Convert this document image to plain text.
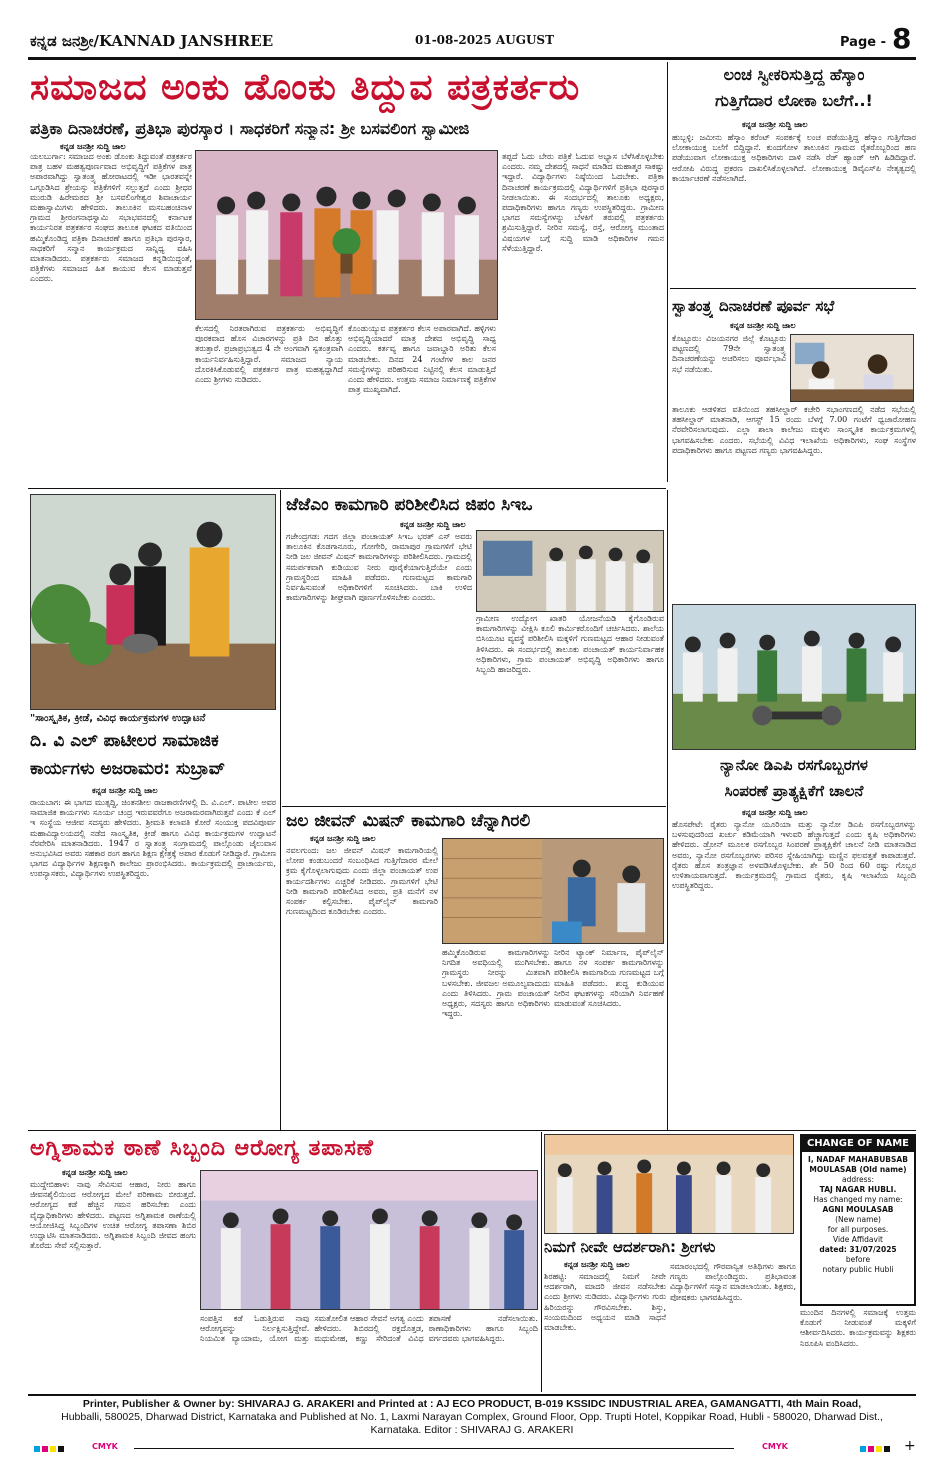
ಕನ್ನಡ ಜನಶ್ರೀ/KANNAD JANSHREE	01-08-2025 AUGUST	Page - 8
ಸಮಾಜದ ಅಂಕು ಡೊಂಕು ತಿದ್ದುವ ಪತ್ರಕರ್ತರು
ಪತ್ರಿಕಾ ದಿನಾಚರಣೆ, ಪ್ರತಿಭಾ ಪುರಸ್ಕಾರ । ಸಾಧಕರಿಗೆ ಸನ್ಮಾನ: ಶ್ರೀ ಬಸವಲಿಂಗ ಸ್ವಾಮೀಜಿ
ಕನ್ನಡ ಜನಶ್ರೀ ಸುದ್ದಿ ಜಾಲ
ಯಲಬುರ್ಗಾ: ಸಮಾಜದ ಅಂಕು ಡೊಂಕು ತಿದ್ದುವಂತೆ ಪತ್ರಕರ್ತರ ಪಾತ್ರ ಬಹಳ ಮಹತ್ವಪೂರ್ಣವಾದ ಅಭಿವೃದ್ಧಿಗೆ ಪತ್ರಿಕೆಗಳ ಪಾತ್ರ ಅಪಾರವಾಗಿದ್ದು ಸ್ವಾತಂತ್ರ್ಯ ಹೋರಾಟದಲ್ಲಿ ಇಡೀ ಭಾರತವನ್ನೇ ಒಗ್ಗೂಡಿಸಿದ ಶ್ರೇಯಸ್ಸು ಪತ್ರಿಕೆಗಳಿಗೆ ಸಲ್ಲುತ್ತದೆ ಎಂದು ಶ್ರೀಧರ ಮುರುಡಿ ಹಿರೇಮಠದ ಶ್ರೀ ಬಸವಲಿಂಗೇಶ್ವರ ಶಿವಾಚಾರ್ಯ ಮಹಾಸ್ವಾಮಿಗಳು ಹೇಳಿದರು. ತಾಲೂಕಿನ ಮಸಬಹಂಚಿನಾಳ ಗ್ರಾಮದ ಶ್ರೀರಂಗನಾಥಸ್ವಾಮಿ ಸಭಾಭವನದಲ್ಲಿ ಕರ್ನಾಟಕ ಕಾರ್ಯನಿರತ ಪತ್ರಕರ್ತರ ಸಂಘದ ತಾಲೂಕ ಘಟಕದ ವತಿಯಿಂದ ಹಮ್ಮಿಕೊಂಡಿದ್ದ ಪತ್ರಿಕಾ ದಿನಾಚರಣೆ ಹಾಗೂ ಪ್ರತಿಭಾ ಪುರಸ್ಕಾರ, ಸಾಧಕರಿಗೆ ಸನ್ಮಾನ ಕಾರ್ಯಕ್ರಮದ ಸಾನ್ನಿಧ್ಯ ವಹಿಸಿ ಮಾತನಾಡಿದರು. ಪತ್ರಕರ್ತರು ಸಮಾಜದ ಕನ್ನಡಿಯಿದ್ದಂತೆ, ಪತ್ರಿಕೆಗಳು ಸಮಾಜದ ಹಿತ ಕಾಯುವ ಕೆಲಸ ಮಾಡುತ್ತವೆ ಎಂದರು.
ಕೆಲಸದಲ್ಲಿ ನಿರತರಾಗಿರುವ ಪತ್ರಕರ್ತರು ಅಭಿವೃದ್ಧಿಗೆ ಪೂರಕವಾದ ಹೊಸ ವಿಚಾರಗಳನ್ನು ಪ್ರತಿ ದಿನ ಹೊತ್ತು ತರುತ್ತಾರೆ. ಪ್ರಜಾಪ್ರಭುತ್ವದ 4 ನೇ ಅಂಗವಾಗಿ ಸ್ವತಂತ್ರವಾಗಿ ಕಾರ್ಯನಿರ್ವಹಿಸುತ್ತಿದ್ದಾರೆ. ಸಮಾಜದ ನ್ಯಾಯ ದೊರಕಿಸಿಕೊಡುವಲ್ಲಿ ಪತ್ರಕರ್ತರ ಪಾತ್ರ ಮಹತ್ವದ್ದಾಗಿದೆ ಎಂದು ಶ್ರೀಗಳು ನುಡಿದರು.
ಕೊಂಡುಯ್ಯುವ ಪತ್ರಕರ್ತರ ಕೆಲಸ ಅಪಾರವಾಗಿದೆ. ಹಳ್ಳಿಗಳು ಅಭಿವೃದ್ಧಿಯಾದರೆ ಮಾತ್ರ ದೇಶದ ಅಭಿವೃದ್ಧಿ ಸಾಧ್ಯ ಎಂದರು. ಕರ್ತವ್ಯ ಹಾಗೂ ಜವಾಬ್ದಾರಿ ಅರಿತು ಕೆಲಸ ಮಾಡಬೇಕು. ದಿನದ 24 ಗಂಟೆಗಳ ಕಾಲ ಜನರ ಸಮಸ್ಯೆಗಳನ್ನು ಪರಿಹರಿಸುವ ನಿಟ್ಟಿನಲ್ಲಿ ಕೆಲಸ ಮಾಡುತ್ತಿದೆ ಎಂದು ಹೇಳಿದರು. ಉತ್ತಮ ಸಮಾಜ ನಿರ್ಮಾಣಕ್ಕೆ ಪತ್ರಿಕೆಗಳ ಪಾತ್ರ ಮುಖ್ಯವಾಗಿದೆ.
ತಪ್ಪದೆ ಓದು ಬೇರು ಪತ್ರಿಕೆ ಓದುವ ಅಭ್ಯಾಸ ಬೆಳೆಸಿಕೊಳ್ಳಬೇಕು ಎಂದರು. ನಮ್ಮ ದೇಶದಲ್ಲಿ ಸಾಧನೆ ಮಾಡಿದ ಮಹಾತ್ಮರ ಸಾಕಷ್ಟು ಇದ್ದಾರೆ. ವಿದ್ಯಾರ್ಥಿಗಳು ನಿಷ್ಠೆಯಿಂದ ಓದಬೇಕು. ಪತ್ರಿಕಾ ದಿನಾಚರಣೆ ಕಾರ್ಯಕ್ರಮದಲ್ಲಿ ವಿದ್ಯಾರ್ಥಿಗಳಿಗೆ ಪ್ರತಿಭಾ ಪುರಸ್ಕಾರ ನೀಡಲಾಯಿತು. ಈ ಸಂದರ್ಭದಲ್ಲಿ ತಾಲೂಕು ಅಧ್ಯಕ್ಷರು, ಪದಾಧಿಕಾರಿಗಳು ಹಾಗೂ ಗಣ್ಯರು ಉಪಸ್ಥಿತರಿದ್ದರು. ಗ್ರಾಮೀಣ ಭಾಗದ ಸಮಸ್ಯೆಗಳನ್ನು ಬೆಳಕಿಗೆ ತರುವಲ್ಲಿ ಪತ್ರಕರ್ತರು ಶ್ರಮಿಸುತ್ತಿದ್ದಾರೆ. ನೀರಿನ ಸಮಸ್ಯೆ, ರಸ್ತೆ, ಆರೋಗ್ಯ ಮುಂತಾದ ವಿಷಯಗಳ ಬಗ್ಗೆ ಸುದ್ದಿ ಮಾಡಿ ಅಧಿಕಾರಿಗಳ ಗಮನ ಸೆಳೆಯುತ್ತಿದ್ದಾರೆ.
ಲಂಚ ಸ್ವೀಕರಿಸುತ್ತಿದ್ದ ಹೆಸ್ಕಾಂ
ಗುತ್ತಿಗೆದಾರ ಲೋಕಾ ಬಲೆಗೆ..!
ಕನ್ನಡ ಜನಶ್ರೀ ಸುದ್ದಿ ಜಾಲ
ಹುಬ್ಬಳ್ಳಿ: ಜಮೀನು ಹೆಸ್ಕಾಂ ಕರೆಂಟ್ ಸಂಪರ್ಕಕ್ಕೆ ಲಂಚ ಪಡೆಯುತ್ತಿದ್ದ ಹೆಸ್ಕಾಂ ಗುತ್ತಿಗೆದಾರ ಲೋಕಾಯುಕ್ತ ಬಲೆಗೆ ಬಿದ್ದಿದ್ದಾನೆ. ಕುಂದಗೋಳ ತಾಲೂಕಿನ ಗ್ರಾಮದ ರೈತರೊಬ್ಬರಿಂದ ಹಣ ಪಡೆಯುವಾಗ ಲೋಕಾಯುಕ್ತ ಅಧಿಕಾರಿಗಳು ದಾಳಿ ನಡೆಸಿ ರೆಡ್ ಹ್ಯಾಂಡ್ ಆಗಿ ಹಿಡಿದಿದ್ದಾರೆ. ಆರೋಪಿ ವಿರುದ್ಧ ಪ್ರಕರಣ ದಾಖಲಿಸಿಕೊಳ್ಳಲಾಗಿದೆ. ಲೋಕಾಯುಕ್ತ ಡಿವೈಎಸ್‌ಪಿ ನೇತೃತ್ವದಲ್ಲಿ ಕಾರ್ಯಾಚರಣೆ ನಡೆಸಲಾಗಿದೆ.
ಸ್ವಾತಂತ್ರ್ಯ ದಿನಾಚರಣೆ ಪೂರ್ವ ಸಭೆ
ಕನ್ನಡ ಜನಶ್ರೀ ಸುದ್ದಿ ಜಾಲ
ಕೊಟ್ಟೂರು: ವಿಜಯನಗರ ಜಿಲ್ಲೆ ಕೊಟ್ಟೂರು ಪಟ್ಟಣದಲ್ಲಿ 79ನೇ ಸ್ವಾತಂತ್ರ್ಯ ದಿನಾಚರಣೆಯನ್ನು ಅಚರಿಸಲು ಪೂರ್ವಭಾವಿ ಸಭೆ ನಡೆಯಿತು.
ತಾಲೂಕು ಆಡಳಿತದ ವತಿಯಿಂದ ತಹಸೀಲ್ದಾರ್ ಕಚೇರಿ ಸಭಾಂಗಣದಲ್ಲಿ ನಡೆದ ಸಭೆಯಲ್ಲಿ ತಹಸೀಲ್ದಾರ್ ಮಾತನಾಡಿ, ಆಗಸ್ಟ್ 15 ರಂದು ಬೆಳಗ್ಗೆ 7.00 ಗಂಟೆಗೆ ಧ್ವಜಾರೋಹಣ ನೆರವೇರಿಸಲಾಗುವುದು. ಎಲ್ಲಾ ಶಾಲಾ ಕಾಲೇಜು ಮಕ್ಕಳು ಸಾಂಸ್ಕೃತಿಕ ಕಾರ್ಯಕ್ರಮಗಳಲ್ಲಿ ಭಾಗವಹಿಸಬೇಕು ಎಂದರು. ಸಭೆಯಲ್ಲಿ ವಿವಿಧ ಇಲಾಖೆಯ ಅಧಿಕಾರಿಗಳು, ಸಂಘ ಸಂಸ್ಥೆಗಳ ಪದಾಧಿಕಾರಿಗಳು ಹಾಗೂ ಪಟ್ಟಣದ ಗಣ್ಯರು ಭಾಗವಹಿಸಿದ್ದರು.
"ಸಾಂಸ್ಕೃತಿಕ, ಕ್ರೀಡೆ, ವಿವಿಧ ಕಾರ್ಯಕ್ರಮಗಳ ಉದ್ಘಾಟನೆ
ದಿ. ವಿ ಎಲ್ ಪಾಟೀಲರ ಸಾಮಾಜಿಕ
ಕಾರ್ಯಗಳು ಅಜರಾಮರ: ಸುಬ್ರಾವ್
ಕನ್ನಡ ಜನಶ್ರೀ ಸುದ್ದಿ ಜಾಲ
ರಾಯಬಾಗ: ಈ ಭಾಗದ ಮುತ್ಸದ್ದಿ, ಚಿಂತನಶೀಲ ರಾಜಕಾರಣಿಗಳಲ್ಲಿ ದಿ. ವಿ.ಎಲ್. ಪಾಟೀಲ ಅವರ ಸಾಮಾಜಿಕ ಕಾರ್ಯಗಳು ಸೂರ್ಯ ಚಂದ್ರ ಇರುವವರೆಗೂ ಅಜರಾಮರವಾಗಿರುತ್ತವೆ ಎಂದು ಕೆ ಎಲ್ ಇ ಸಂಸ್ಥೆಯ ಆಜೀವ ಸದಸ್ಯರು ಹೇಳಿದರು. ಶ್ರೀಮತಿ ಕಲಾವತಿ ಕೋರೆ ಸಂಯುಕ್ತ ಪದವಿಪೂರ್ವ ಮಹಾವಿದ್ಯಾಲಯದಲ್ಲಿ ನಡೆದ ಸಾಂಸ್ಕೃತಿಕ, ಕ್ರೀಡೆ ಹಾಗೂ ವಿವಿಧ ಕಾರ್ಯಕ್ರಮಗಳ ಉದ್ಘಾಟನೆ ನೆರವೇರಿಸಿ ಮಾತನಾಡಿದರು. 1947 ರ ಸ್ವಾತಂತ್ರ್ಯ ಸಂಗ್ರಾಮದಲ್ಲಿ ಪಾಲ್ಗೊಂಡು ಜೈಲುವಾಸ ಅನುಭವಿಸಿದ ಅವರು ಸಹಕಾರ ರಂಗ ಹಾಗೂ ಶಿಕ್ಷಣ ಕ್ಷೇತ್ರಕ್ಕೆ ಅಪಾರ ಕೊಡುಗೆ ನೀಡಿದ್ದಾರೆ. ಗ್ರಾಮೀಣ ಭಾಗದ ವಿದ್ಯಾರ್ಥಿಗಳ ಶಿಕ್ಷಣಕ್ಕಾಗಿ ಕಾಲೇಜು ಪ್ರಾರಂಭಿಸಿದರು. ಕಾರ್ಯಕ್ರಮದಲ್ಲಿ ಪ್ರಾಚಾರ್ಯರು, ಉಪನ್ಯಾಸಕರು, ವಿದ್ಯಾರ್ಥಿಗಳು ಉಪಸ್ಥಿತರಿದ್ದರು.
ಜೆಜೆಎಂ ಕಾಮಗಾರಿ ಪರಿಶೀಲಿಸಿದ ಜಿಪಂ ಸಿಇಒ
ಕನ್ನಡ ಜನಶ್ರೀ ಸುದ್ದಿ ಜಾಲ
ಗಜೇಂದ್ರಗಡ: ಗದಗ ಜಿಲ್ಲಾ ಪಂಚಾಯತ್ ಸಿಇಒ ಭರತ್ ಎಸ್ ಅವರು ತಾಲೂಕಿನ ಕೊಡಗಾನೂರು, ಗೋಗೇರಿ, ರಾಮಾಪುರ ಗ್ರಾಮಗಳಿಗೆ ಭೇಟಿ ನೀಡಿ ಜಲ ಜೀವನ್ ಮಿಷನ್ ಕಾಮಗಾರಿಗಳನ್ನು ಪರಿಶೀಲಿಸಿದರು. ಗ್ರಾಮದಲ್ಲಿ ಸಮರ್ಪಕವಾಗಿ ಕುಡಿಯುವ ನೀರು ಪೂರೈಕೆಯಾಗುತ್ತಿದೆಯೇ ಎಂದು ಗ್ರಾಮಸ್ಥರಿಂದ ಮಾಹಿತಿ ಪಡೆದರು. ಗುಣಮಟ್ಟದ ಕಾಮಗಾರಿ ನಿರ್ವಹಿಸುವಂತೆ ಅಧಿಕಾರಿಗಳಿಗೆ ಸೂಚಿಸಿದರು. ಬಾಕಿ ಉಳಿದ ಕಾಮಗಾರಿಗಳನ್ನು ಶೀಘ್ರವಾಗಿ ಪೂರ್ಣಗೊಳಿಸಬೇಕು ಎಂದರು.
ಗ್ರಾಮೀಣ ಉದ್ಯೋಗ ಖಾತರಿ ಯೋಜನೆಯಡಿ ಕೈಗೊಂಡಿರುವ ಕಾಮಗಾರಿಗಳನ್ನು ವೀಕ್ಷಿಸಿ ಕೂಲಿ ಕಾರ್ಮಿಕರೊಂದಿಗೆ ಚರ್ಚಿಸಿದರು. ಶಾಲೆಯ ಬಿಸಿಯೂಟ ವ್ಯವಸ್ಥೆ ಪರಿಶೀಲಿಸಿ ಮಕ್ಕಳಿಗೆ ಗುಣಮಟ್ಟದ ಆಹಾರ ನೀಡುವಂತೆ ತಿಳಿಸಿದರು. ಈ ಸಂದರ್ಭದಲ್ಲಿ ತಾಲೂಕು ಪಂಚಾಯತ್ ಕಾರ್ಯನಿರ್ವಾಹಕ ಅಧಿಕಾರಿಗಳು, ಗ್ರಾಮ ಪಂಚಾಯತ್ ಅಭಿವೃದ್ಧಿ ಅಧಿಕಾರಿಗಳು ಹಾಗೂ ಸಿಬ್ಬಂದಿ ಹಾಜರಿದ್ದರು.
ಜಲ ಜೀವನ್ ಮಿಷನ್ ಕಾಮಗಾರಿ ಚೆನ್ನಾಗಿರಲಿ
ಕನ್ನಡ ಜನಶ್ರೀ ಸುದ್ದಿ ಜಾಲ
ನವಲಗುಂದ: ಜಲ ಜೀವನ್ ಮಿಷನ್ ಕಾಮಗಾರಿಯಲ್ಲಿ ಲೋಪ ಕಂಡುಬಂದರೆ ಸಂಬಂಧಿಸಿದ ಗುತ್ತಿಗೆದಾರರ ಮೇಲೆ ಕ್ರಮ ಕೈಗೊಳ್ಳಲಾಗುವುದು ಎಂದು ಜಿಲ್ಲಾ ಪಂಚಾಯತ್ ಉಪ ಕಾರ್ಯದರ್ಶಿಗಳು ಎಚ್ಚರಿಕೆ ನೀಡಿದರು. ಗ್ರಾಮಗಳಿಗೆ ಭೇಟಿ ನೀಡಿ ಕಾಮಗಾರಿ ಪರಿಶೀಲಿಸಿದ ಅವರು, ಪ್ರತಿ ಮನೆಗೆ ನಳ ಸಂಪರ್ಕ ಕಲ್ಪಿಸಬೇಕು. ಪೈಪ್‌ಲೈನ್ ಕಾಮಗಾರಿ ಗುಣಮಟ್ಟದಿಂದ ಕೂಡಿರಬೇಕು ಎಂದರು.
ಹಮ್ಮಿಕೊಂಡಿರುವ ಕಾಮಗಾರಿಗಳನ್ನು ನಿಗದಿತ ಅವಧಿಯಲ್ಲಿ ಮುಗಿಸಬೇಕು. ಗ್ರಾಮಸ್ಥರು ನೀರನ್ನು ಮಿತವಾಗಿ ಬಳಸಬೇಕು. ಜೀವಜಲ ಅಮೂಲ್ಯವಾದುದು ಎಂದು ತಿಳಿಸಿದರು. ಗ್ರಾಮ ಪಂಚಾಯತ್ ಅಧ್ಯಕ್ಷರು, ಸದಸ್ಯರು ಹಾಗೂ ಅಧಿಕಾರಿಗಳು ಇದ್ದರು.
ನೀರಿನ ಟ್ಯಾಂಕ್ ನಿರ್ಮಾಣ, ಪೈಪ್‌ಲೈನ್ ಹಾಗೂ ನಳ ಸಂಪರ್ಕ ಕಾಮಗಾರಿಗಳನ್ನು ಪರಿಶೀಲಿಸಿ ಕಾಮಗಾರಿಯ ಗುಣಮಟ್ಟದ ಬಗ್ಗೆ ಮಾಹಿತಿ ಪಡೆದರು. ಶುದ್ಧ ಕುಡಿಯುವ ನೀರಿನ ಘಟಕಗಳನ್ನು ಸರಿಯಾಗಿ ನಿರ್ವಹಣೆ ಮಾಡುವಂತೆ ಸೂಚಿಸಿದರು.
ನ್ಯಾನೋ ಡಿಎಪಿ ರಸಗೊಬ್ಬರಗಳ
ಸಿಂಪರಣೆ ಪ್ರಾತ್ಯಕ್ಷಿಕೆಗೆ ಚಾಲನೆ
ಕನ್ನಡ ಜನಶ್ರೀ ಸುದ್ದಿ ಜಾಲ
ಹೊಸಪೇಟೆ: ರೈತರು ನ್ಯಾನೋ ಯೂರಿಯಾ ಮತ್ತು ನ್ಯಾನೋ ಡಿಎಪಿ ರಸಗೊಬ್ಬರಗಳನ್ನು ಬಳಸುವುದರಿಂದ ಖರ್ಚು ಕಡಿಮೆಯಾಗಿ ಇಳುವರಿ ಹೆಚ್ಚಾಗುತ್ತದೆ ಎಂದು ಕೃಷಿ ಅಧಿಕಾರಿಗಳು ಹೇಳಿದರು. ಡ್ರೋನ್ ಮೂಲಕ ರಸಗೊಬ್ಬರ ಸಿಂಪರಣೆ ಪ್ರಾತ್ಯಕ್ಷಿಕೆಗೆ ಚಾಲನೆ ನೀಡಿ ಮಾತನಾಡಿದ ಅವರು, ನ್ಯಾನೋ ರಸಗೊಬ್ಬರಗಳು ಪರಿಸರ ಸ್ನೇಹಿಯಾಗಿದ್ದು ಮಣ್ಣಿನ ಫಲವತ್ತತೆ ಕಾಪಾಡುತ್ತವೆ. ರೈತರು ಹೊಸ ತಂತ್ರಜ್ಞಾನ ಅಳವಡಿಸಿಕೊಳ್ಳಬೇಕು. ಶೇ 50 ರಿಂದ 60 ರಷ್ಟು ಗೊಬ್ಬರ ಉಳಿತಾಯವಾಗುತ್ತದೆ. ಕಾರ್ಯಕ್ರಮದಲ್ಲಿ ಗ್ರಾಮದ ರೈತರು, ಕೃಷಿ ಇಲಾಖೆಯ ಸಿಬ್ಬಂದಿ ಉಪಸ್ಥಿತರಿದ್ದರು.
ಅಗ್ನಿಶಾಮಕ ಠಾಣೆ ಸಿಬ್ಬಂದಿ ಆರೋಗ್ಯ ತಪಾಸಣೆ
ಕನ್ನಡ ಜನಶ್ರೀ ಸುದ್ದಿ ಜಾಲ
ಮುದ್ದೇಬಿಹಾಳ: ನಾವು ಸೇವಿಸುವ ಆಹಾರ, ನೀರು ಹಾಗೂ ಜೀವನಶೈಲಿಯಿಂದ ಆರೋಗ್ಯದ ಮೇಲೆ ಪರಿಣಾಮ ಬೀರುತ್ತದೆ. ಆರೋಗ್ಯದ ಕಡೆ ಹೆಚ್ಚಿನ ಗಮನ ಹರಿಸಬೇಕು ಎಂದು ವೈದ್ಯಾಧಿಕಾರಿಗಳು ಹೇಳಿದರು. ಪಟ್ಟಣದ ಅಗ್ನಿಶಾಮಕ ಠಾಣೆಯಲ್ಲಿ ಆಯೋಜಿಸಿದ್ದ ಸಿಬ್ಬಂದಿಗಳ ಉಚಿತ ಆರೋಗ್ಯ ತಪಾಸಣಾ ಶಿಬಿರ ಉದ್ಘಾಟಿಸಿ ಮಾತನಾಡಿದರು. ಅಗ್ನಿಶಾಮಕ ಸಿಬ್ಬಂದಿ ಜೀವದ ಹಂಗು ತೊರೆದು ಸೇವೆ ಸಲ್ಲಿಸುತ್ತಾರೆ.
ಸಂಪತ್ತಿನ ಕಡೆ ಓಡುತ್ತಿರುವ ನಾವು ಆರೋಗ್ಯವನ್ನು ನಿರ್ಲಕ್ಷಿಸುತ್ತಿದ್ದೇವೆ. ನಿಯಮಿತ ವ್ಯಾಯಾಮ, ಯೋಗ ಮತ್ತು ಸಮತೋಲಿತ ಆಹಾರ ಸೇವನೆ ಅಗತ್ಯ ಎಂದು ಹೇಳಿದರು. ಶಿಬಿರದಲ್ಲಿ ರಕ್ತದೊತ್ತಡ, ಮಧುಮೇಹ, ಕಣ್ಣು ಸೇರಿದಂತೆ ವಿವಿಧ ತಪಾಸಣೆ ನಡೆಸಲಾಯಿತು. ಠಾಣಾಧಿಕಾರಿಗಳು ಹಾಗೂ ಸಿಬ್ಬಂದಿ ವರ್ಗದವರು ಭಾಗವಹಿಸಿದ್ದರು.
ನಿಮಗೆ ನೀವೇ ಆದರ್ಶರಾಗಿ: ಶ್ರೀಗಳು
ಕನ್ನಡ ಜನಶ್ರೀ ಸುದ್ದಿ ಜಾಲ
ಶಿರಹಟ್ಟಿ: ಸಮಾಜದಲ್ಲಿ ನಿಮಗೆ ನೀವೇ ಆದರ್ಶರಾಗಿ, ಮಾದರಿ ಜೀವನ ನಡೆಸಬೇಕು ಎಂದು ಶ್ರೀಗಳು ನುಡಿದರು. ವಿದ್ಯಾರ್ಥಿಗಳು ಗುರು ಹಿರಿಯರನ್ನು ಗೌರವಿಸಬೇಕು. ಶಿಸ್ತು, ಸಂಯಮದಿಂದ ಅಧ್ಯಯನ ಮಾಡಿ ಸಾಧನೆ ಮಾಡಬೇಕು.
ಸಮಾರಂಭದಲ್ಲಿ ಗೌರವಾನ್ವಿತ ಅತಿಥಿಗಳು ಹಾಗೂ ಗಣ್ಯರು ಪಾಲ್ಗೊಂಡಿದ್ದರು. ಪ್ರತಿಭಾವಂತ ವಿದ್ಯಾರ್ಥಿಗಳಿಗೆ ಸನ್ಮಾನ ಮಾಡಲಾಯಿತು. ಶಿಕ್ಷಕರು, ಪೋಷಕರು ಭಾಗವಹಿಸಿದ್ದರು.
ಮುಂದಿನ ದಿನಗಳಲ್ಲಿ ಸಮಾಜಕ್ಕೆ ಉತ್ತಮ ಕೊಡುಗೆ ನೀಡುವಂತೆ ಮಕ್ಕಳಿಗೆ ಆಶೀರ್ವದಿಸಿದರು. ಕಾರ್ಯಕ್ರಮವನ್ನು ಶಿಕ್ಷಕರು ನಿರೂಪಿಸಿ ವಂದಿಸಿದರು.
CHANGE OF NAME
I, NADAF MAHABUBSAB
MOULASAB (Old name)
address:
TAJ NAGAR HUBLI.
Has changed my name:
AGNI MOULASAB
(New name)
for all purposes.
Vide Affidavit
dated: 31/07/2025
before
notary public Hubli
Printer, Publisher & Owner by: SHIVARAJ G. ARAKERI and Printed at : AJ ECO PRODUCT, B-019 KSSIDC INDUSTRIAL AREA, GAMANGATTI, 4th Main Road,
Hubballi, 580025, Dharwad District, Karnataka and Published at No. 1, Laxmi Narayan Complex, Ground Floor, Opp. Trupti Hotel, Koppikar Road, Hubli - 580020, Dharwad Dist.,
Karnataka. Editor : SHIVARAJ G. ARAKERI
CMYK	CMYK	+
